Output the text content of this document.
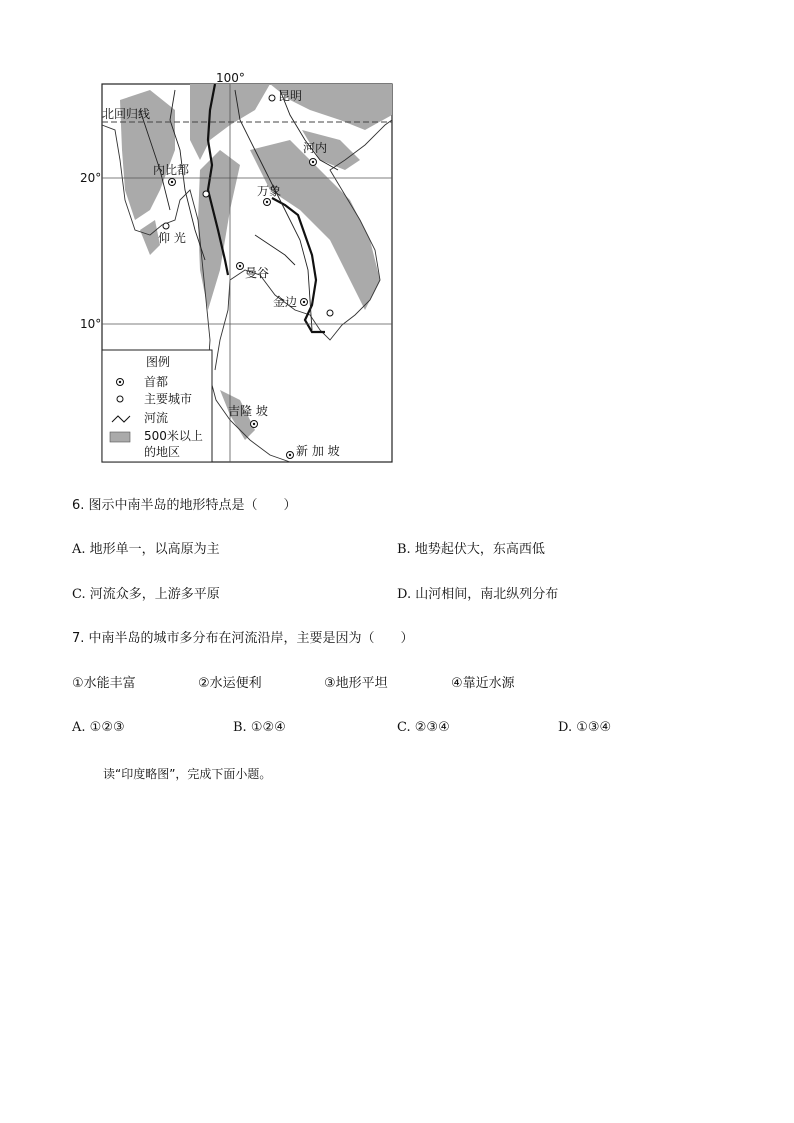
100°
20°
10°
北回归线
昆明
河内
内比都
万象
仰 光
曼谷
金边
吉隆 坡
新 加 坡
图例
首都
主要城市
河流
500米以上
的地区
6. 图示中南半岛的地形特点是（　　）
A. 地形单一，以高原为主	B. 地势起伏大，东高西低
C. 河流众多，上游多平原	D. 山河相间，南北纵列分布
7. 中南半岛的城市多分布在河流沿岸，主要是因为（　　）
①水能丰富	②水运便利	③地形平坦	④靠近水源
A. ①②③	B. ①②④	C. ②③④	D. ①③④
读“印度略图”，完成下面小题。
